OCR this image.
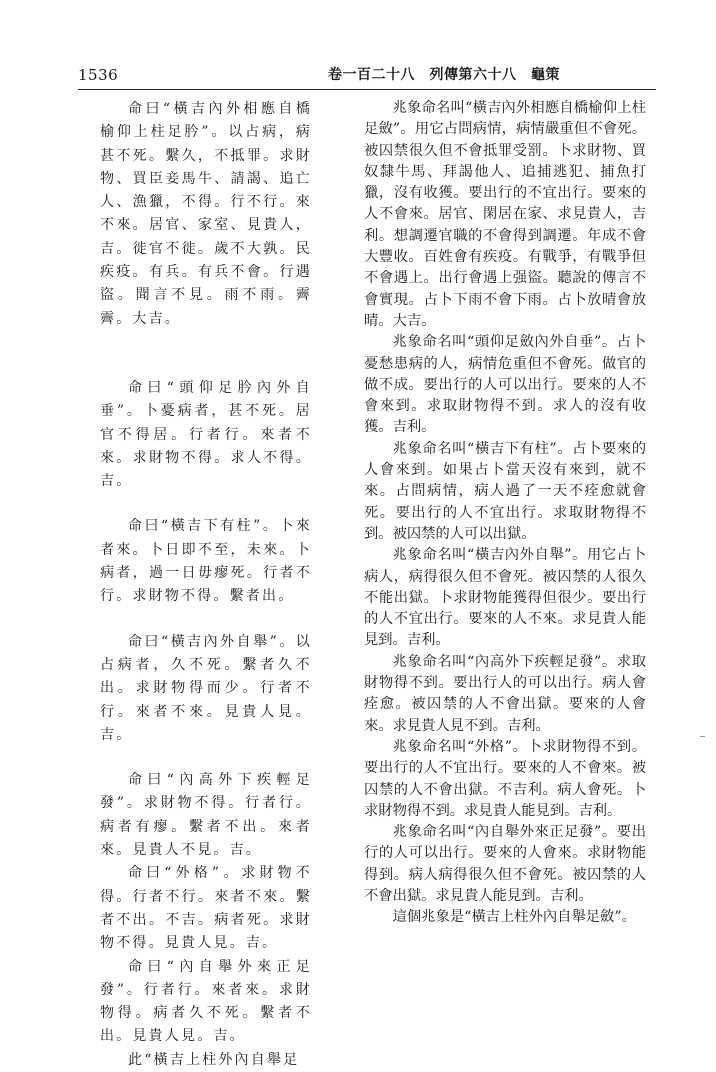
1536	卷一百二十八　列傳第六十八　龜策

命曰“橫吉內外相應自橋榆仰上柱足肣”。以占病，病甚不死。繫久，不抵罪。求財物、買臣妾馬牛、請謁、追亡人、漁獵，不得。行不行。來不來。居官、家室、見貴人，吉。徙官不徙。歲不大孰。民疾疫。有兵。有兵不會。行遇盜。聞言不見。雨不雨。霽霽。大吉。

命曰“頭仰足肣內外自垂”。卜憂病者，甚不死。居官不得居。行者行。來者不來。求財物不得。求人不得。吉。

命曰“橫吉下有柱”。卜來者來。卜日即不至，未來。卜病者，過一日毋瘳死。行者不行。求財物不得。繫者出。

命曰“橫吉內外自舉”。以占病者，久不死。繫者久不出。求財物得而少。行者不行。來者不來。見貴人見。吉。

命曰“內高外下疾輕足發”。求財物不得。行者行。病者有瘳。繫者不出。來者來。見貴人不見。吉。

命曰“外格”。求財物不得。行者不行。來者不來。繫者不出。不吉。病者死。求財物不得。見貴人見。吉。

命曰“內自舉外來正足發”。行者行。來者來。求財物得。病者久不死。繫者不出。見貴人見。吉。

此“橫吉上柱外內自舉足

兆象命名叫“橫吉內外相應自橋榆仰上柱足斂”。用它占問病情，病情嚴重但不會死。被囚禁很久但不會抵罪受罰。卜求財物、買奴隸牛馬、拜謁他人、追捕逃犯、捕魚打獵，沒有收獲。要出行的不宜出行。要來的人不會來。居官、閑居在家、求見貴人，吉利。想調遷官職的不會得到調遷。年成不會大豐收。百姓會有疾疫。有戰爭，有戰爭但不會遇上。出行會遇上强盜。聽說的傳言不會實現。占卜下雨不會下雨。占卜放晴會放晴。大吉。

兆象命名叫“頭仰足斂內外自垂”。占卜憂愁患病的人，病情危重但不會死。做官的做不成。要出行的人可以出行。要來的人不會來到。求取財物得不到。求人的沒有收獲。吉利。

兆象命名叫“橫吉下有柱”。占卜要來的人會來到。如果占卜當天沒有來到，就不來。占問病情，病人過了一天不痊愈就會死。要出行的人不宜出行。求取財物得不到。被囚禁的人可以出獄。

兆象命名叫“橫吉內外自舉”。用它占卜病人，病得很久但不會死。被囚禁的人很久不能出獄。卜求財物能獲得但很少。要出行的人不宜出行。要來的人不來。求見貴人能見到。吉利。

兆象命名叫“內高外下疾輕足發”。求取財物得不到。要出行人的可以出行。病人會痊愈。被囚禁的人不會出獄。要來的人會來。求見貴人見不到。吉利。

兆象命名叫“外格”。卜求財物得不到。要出行的人不宜出行。要來的人不會來。被囚禁的人不會出獄。不吉利。病人會死。卜求財物得不到。求見貴人能見到。吉利。

兆象命名叫“內自舉外來正足發”。要出行的人可以出行。要來的人會來。求財物能得到。病人病得很久但不會死。被囚禁的人不會出獄。求見貴人能見到。吉利。

這個兆象是“橫吉上柱外內自舉足斂”。
